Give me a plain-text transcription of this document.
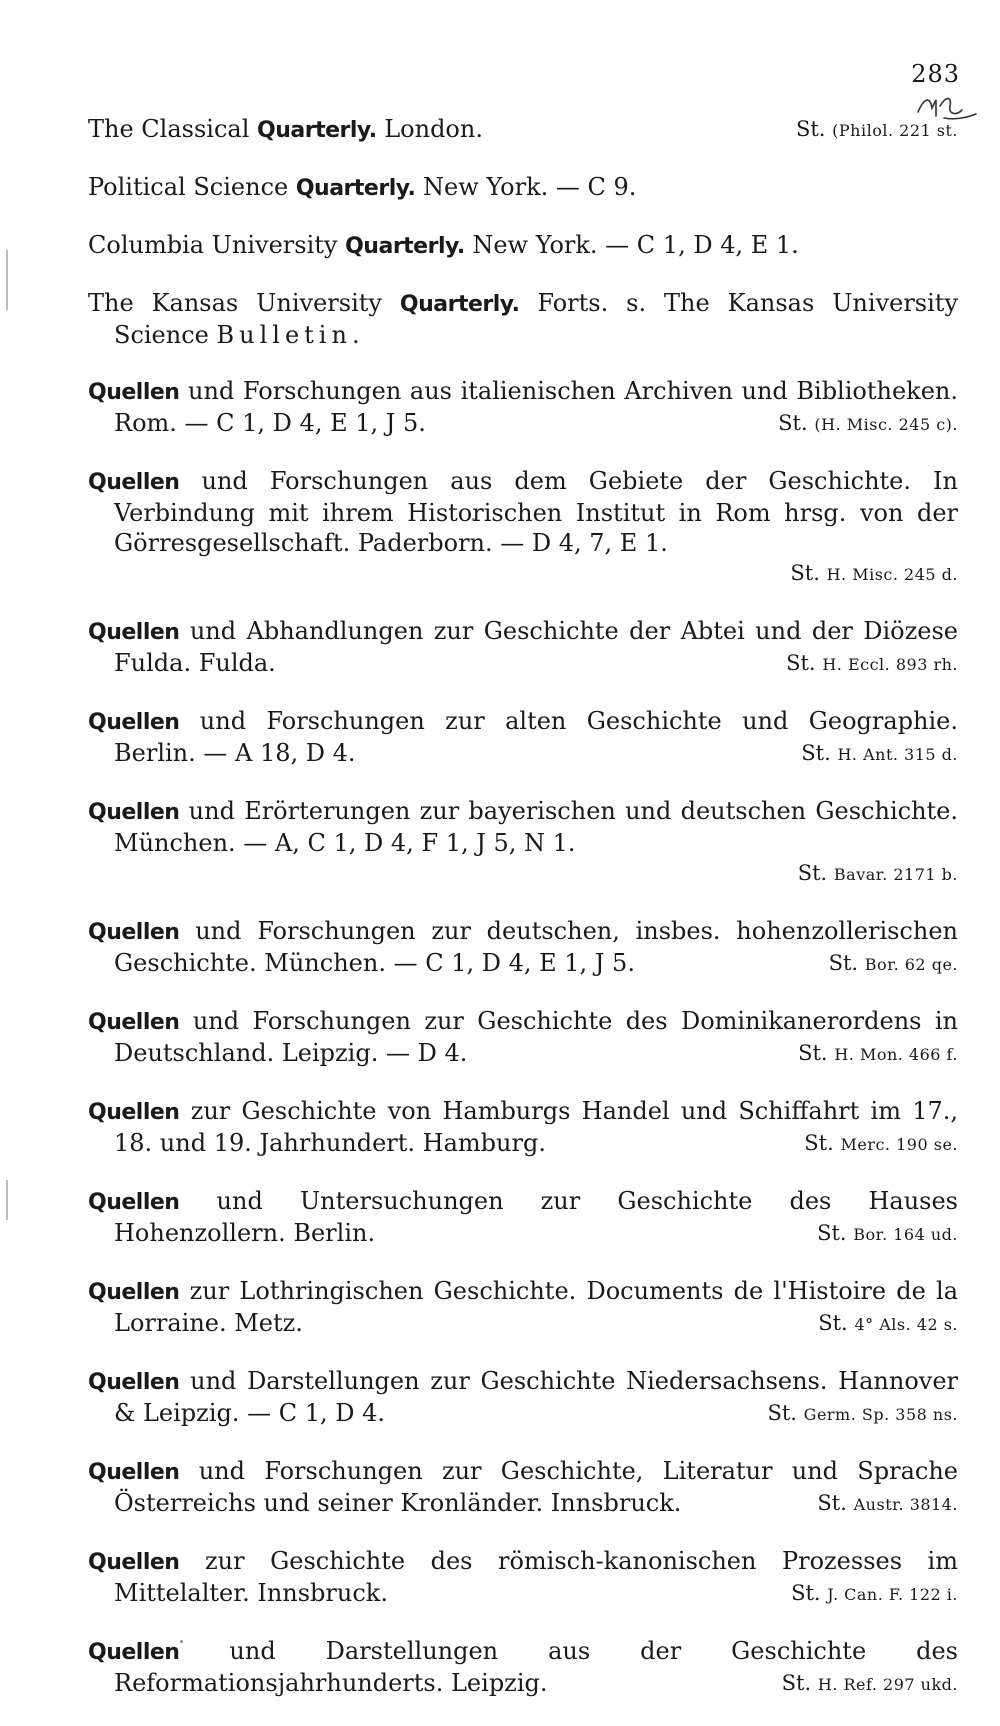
283
The Classical Quarterly. London.	St. (Philol. 221 st.
Political Science Quarterly. New York. — C 9.
Columbia University Quarterly. New York. — C 1, D 4, E 1.
The Kansas University Quarterly. Forts. s. The Kansas University Science Bulletin.
Quellen und Forschungen aus italienischen Archiven und Bibliotheken. Rom. — C 1, D 4, E 1, J 5.	St. (H. Misc. 245 c).
Quellen und Forschungen aus dem Gebiete der Geschichte. In Verbindung mit ihrem Historischen Institut in Rom hrsg. von der Görresgesellschaft. Paderborn. — D 4, 7, E 1.
St. H. Misc. 245 d.
Quellen und Abhandlungen zur Geschichte der Abtei und der Diözese Fulda. Fulda.	St. H. Eccl. 893 rh.
Quellen und Forschungen zur alten Geschichte und Geographie. Berlin. — A 18, D 4.	St. H. Ant. 315 d.
Quellen und Erörterungen zur bayerischen und deutschen Geschichte. München. — A, C 1, D 4, F 1, J 5, N 1.
St. Bavar. 2171 b.
Quellen und Forschungen zur deutschen, insbes. hohenzollerischen Geschichte. München. — C 1, D 4, E 1, J 5.	St. Bor. 62 qe.
Quellen und Forschungen zur Geschichte des Dominikanerordens in Deutschland. Leipzig. — D 4.	St. H. Mon. 466 f.
Quellen zur Geschichte von Hamburgs Handel und Schiffahrt im 17., 18. und 19. Jahrhundert. Hamburg.	St. Merc. 190 se.
Quellen und Untersuchungen zur Geschichte des Hauses Hohenzollern. Berlin.	St. Bor. 164 ud.
Quellen zur Lothringischen Geschichte. Documents de l'Histoire de la Lorraine. Metz.	St. 4° Als. 42 s.
Quellen und Darstellungen zur Geschichte Niedersachsens. Hannover & Leipzig. — C 1, D 4.	St. Germ. Sp. 358 ns.
Quellen und Forschungen zur Geschichte, Literatur und Sprache Österreichs und seiner Kronländer. Innsbruck.	St. Austr. 3814.
Quellen zur Geschichte des römisch-kanonischen Prozesses im Mittelalter. Innsbruck.	St. J. Can. F. 122 i.
Quellen und Darstellungen aus der Geschichte des Reformationsjahrhunderts. Leipzig.	St. H. Ref. 297 ukd.
